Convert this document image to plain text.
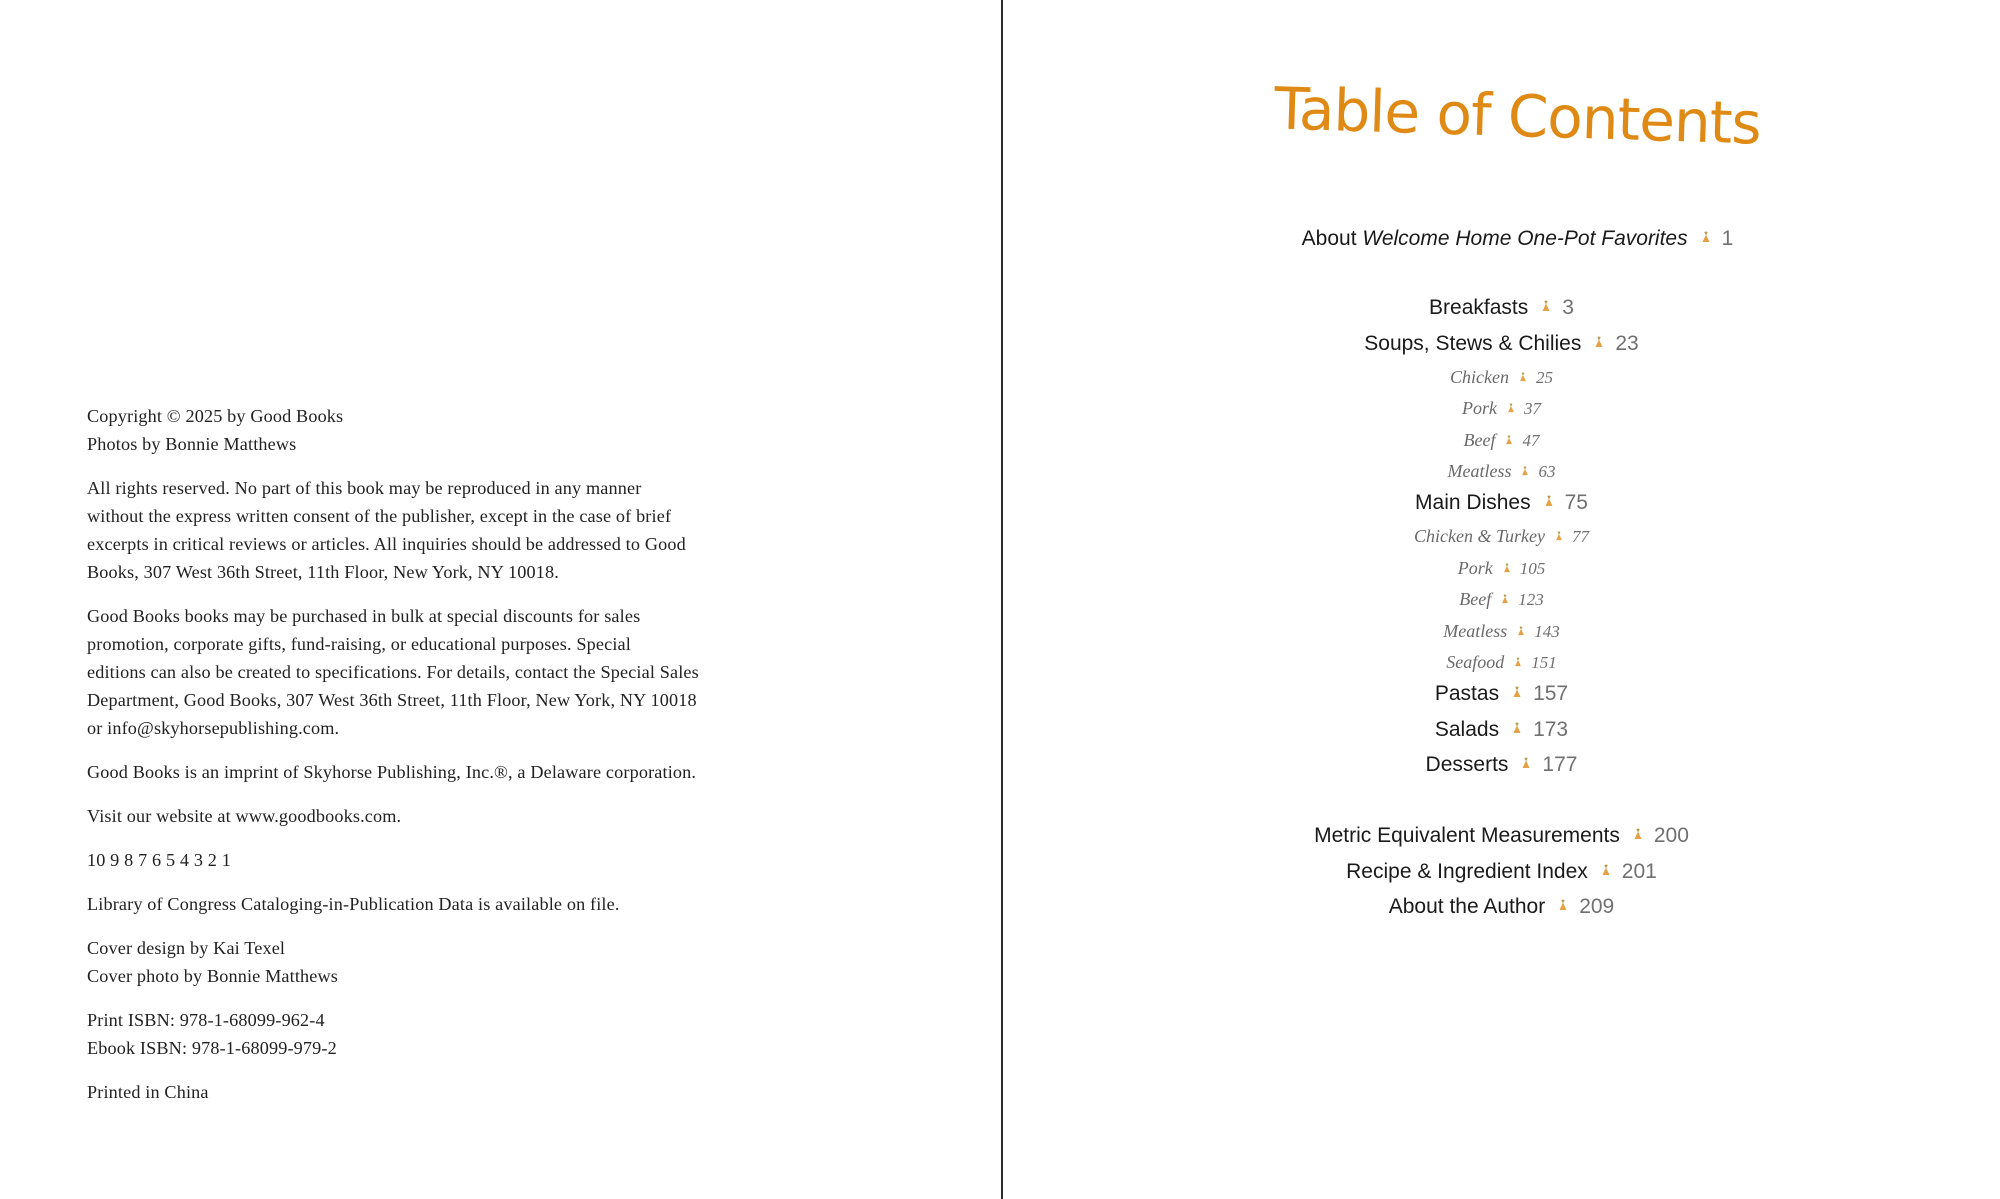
Copyright © 2025 by Good Books
Photos by Bonnie Matthews

All rights reserved. No part of this book may be reproduced in any manner
without the express written consent of the publisher, except in the case of brief
excerpts in critical reviews or articles. All inquiries should be addressed to Good
Books, 307 West 36th Street, 11th Floor, New York, NY 10018.

Good Books books may be purchased in bulk at special discounts for sales
promotion, corporate gifts, fund-raising, or educational purposes. Special
editions can also be created to specifications. For details, contact the Special Sales
Department, Good Books, 307 West 36th Street, 11th Floor, New York, NY 10018
or info@skyhorsepublishing.com.

Good Books is an imprint of Skyhorse Publishing, Inc.®, a Delaware corporation.

Visit our website at www.goodbooks.com.

10 9 8 7 6 5 4 3 2 1

Library of Congress Cataloging-in-Publication Data is available on file.

Cover design by Kai Texel
Cover photo by Bonnie Matthews

Print ISBN: 978-1-68099-962-4
Ebook ISBN: 978-1-68099-979-2

Printed in China

Table of Contents
About Welcome Home One-Pot Favorites 1
Breakfasts 3
Soups, Stews & Chilies 23
Chicken 25
Pork 37
Beef 47
Meatless 63
Main Dishes 75
Chicken & Turkey 77
Pork 105
Beef 123
Meatless 143
Seafood 151
Pastas 157
Salads 173
Desserts 177
Metric Equivalent Measurements 200
Recipe & Ingredient Index 201
About the Author 209
